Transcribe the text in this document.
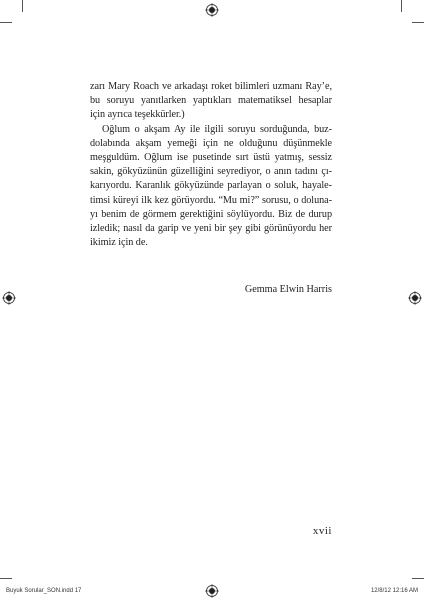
zarı Mary Roach ve arkadaşı roket bilimleri uzmanı Ray’e,
bu soruyu yanıtlarken yaptıkları matematiksel hesaplar
için ayrıca teşekkürler.)
Oğlum o akşam Ay ile ilgili soruyu sorduğunda, buz-
dolabında akşam yemeği için ne olduğunu düşünmekle
meşguldüm. Oğlum ise pusetinde sırt üstü yatmış, sessiz
sakin, gökyüzünün güzelliğini seyrediyor, o anın tadını çı-
karıyordu. Karanlık gökyüzünde parlayan o soluk, hayale-
timsi küreyi ilk kez görüyordu. “Mu mi?” sorusu, o doluna-
yı benim de görmem gerektiğini söylüyordu. Biz de durup
izledik; nasıl da garip ve yeni bir şey gibi görünüyordu her
ikimiz için de.
Gemma Elwin Harris
xvii
Buyuk Sorular_SON.indd 17	12/8/12 12:16 AM
